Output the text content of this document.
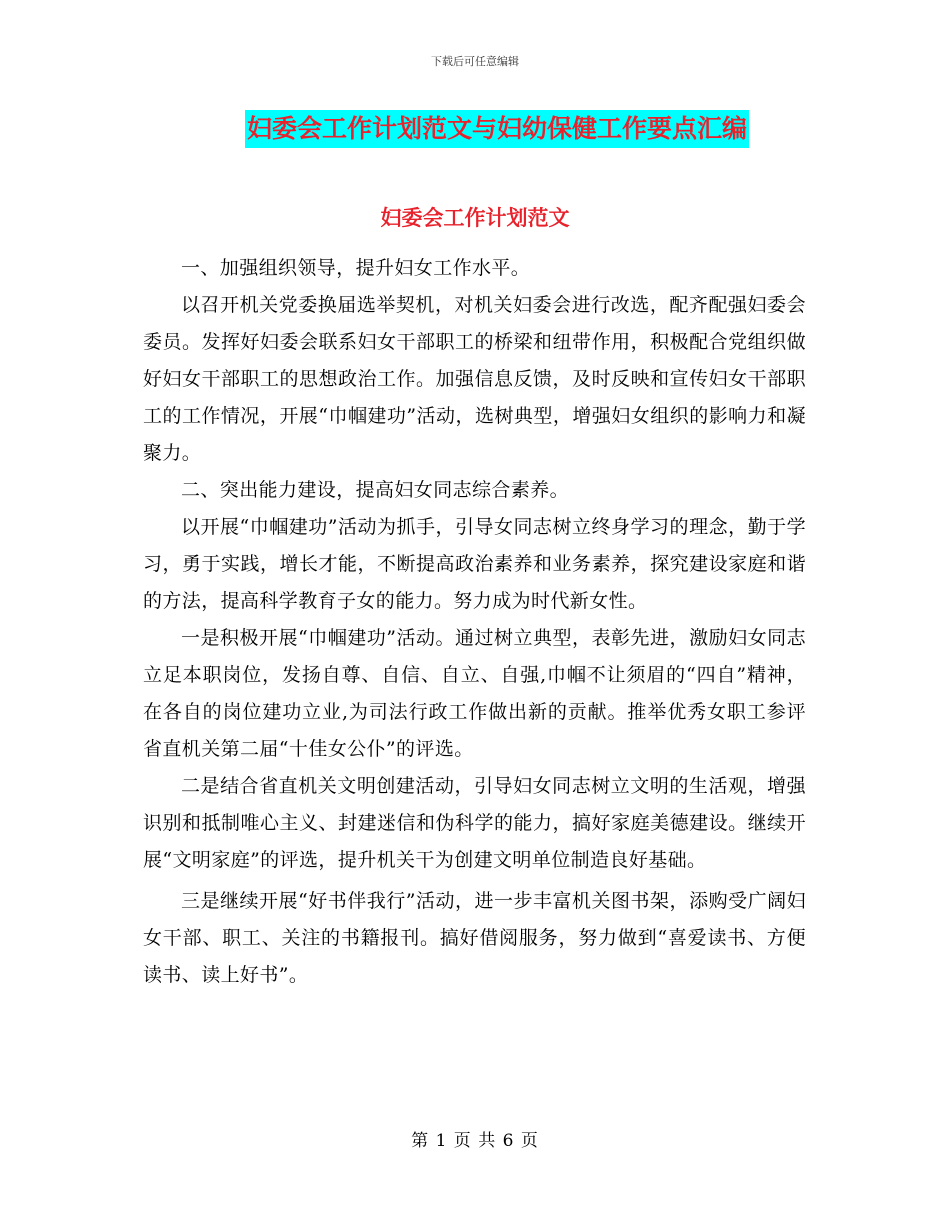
下载后可任意编辑
妇委会工作计划范文与妇幼保健工作要点汇编
妇委会工作计划范文

一、加强组织领导，提升妇女工作水平。

以召开机关党委换届选举契机，对机关妇委会进行改选，配齐配强妇委会委员。发挥好妇委会联系妇女干部职工的桥梁和纽带作用，积极配合党组织做好妇女干部职工的思想政治工作。加强信息反馈，及时反映和宣传妇女干部职工的工作情况，开展“巾帼建功”活动，选树典型，增强妇女组织的影响力和凝聚力。

二、突出能力建设，提高妇女同志综合素养。

以开展“巾帼建功”活动为抓手，引导女同志树立终身学习的理念，勤于学习，勇于实践，增长才能，不断提高政治素养和业务素养，探究建设家庭和谐的方法，提高科学教育子女的能力。努力成为时代新女性。

一是积极开展“巾帼建功”活动。通过树立典型，表彰先进，激励妇女同志立足本职岗位，发扬自尊、自信、自立、自强,巾帼不让须眉的“四自”精神，在各自的岗位建功立业,为司法行政工作做出新的贡献。推举优秀女职工参评省直机关第二届“十佳女公仆”的评选。

二是结合省直机关文明创建活动，引导妇女同志树立文明的生活观，增强识别和抵制唯心主义、封建迷信和伪科学的能力，搞好家庭美德建设。继续开展“文明家庭”的评选，提升机关干为创建文明单位制造良好基础。

三是继续开展“好书伴我行”活动，进一步丰富机关图书架，添购受广阔妇女干部、职工、关注的书籍报刊。搞好借阅服务，努力做到“喜爱读书、方便读书、读上好书”。

第 1 页 共 6 页
